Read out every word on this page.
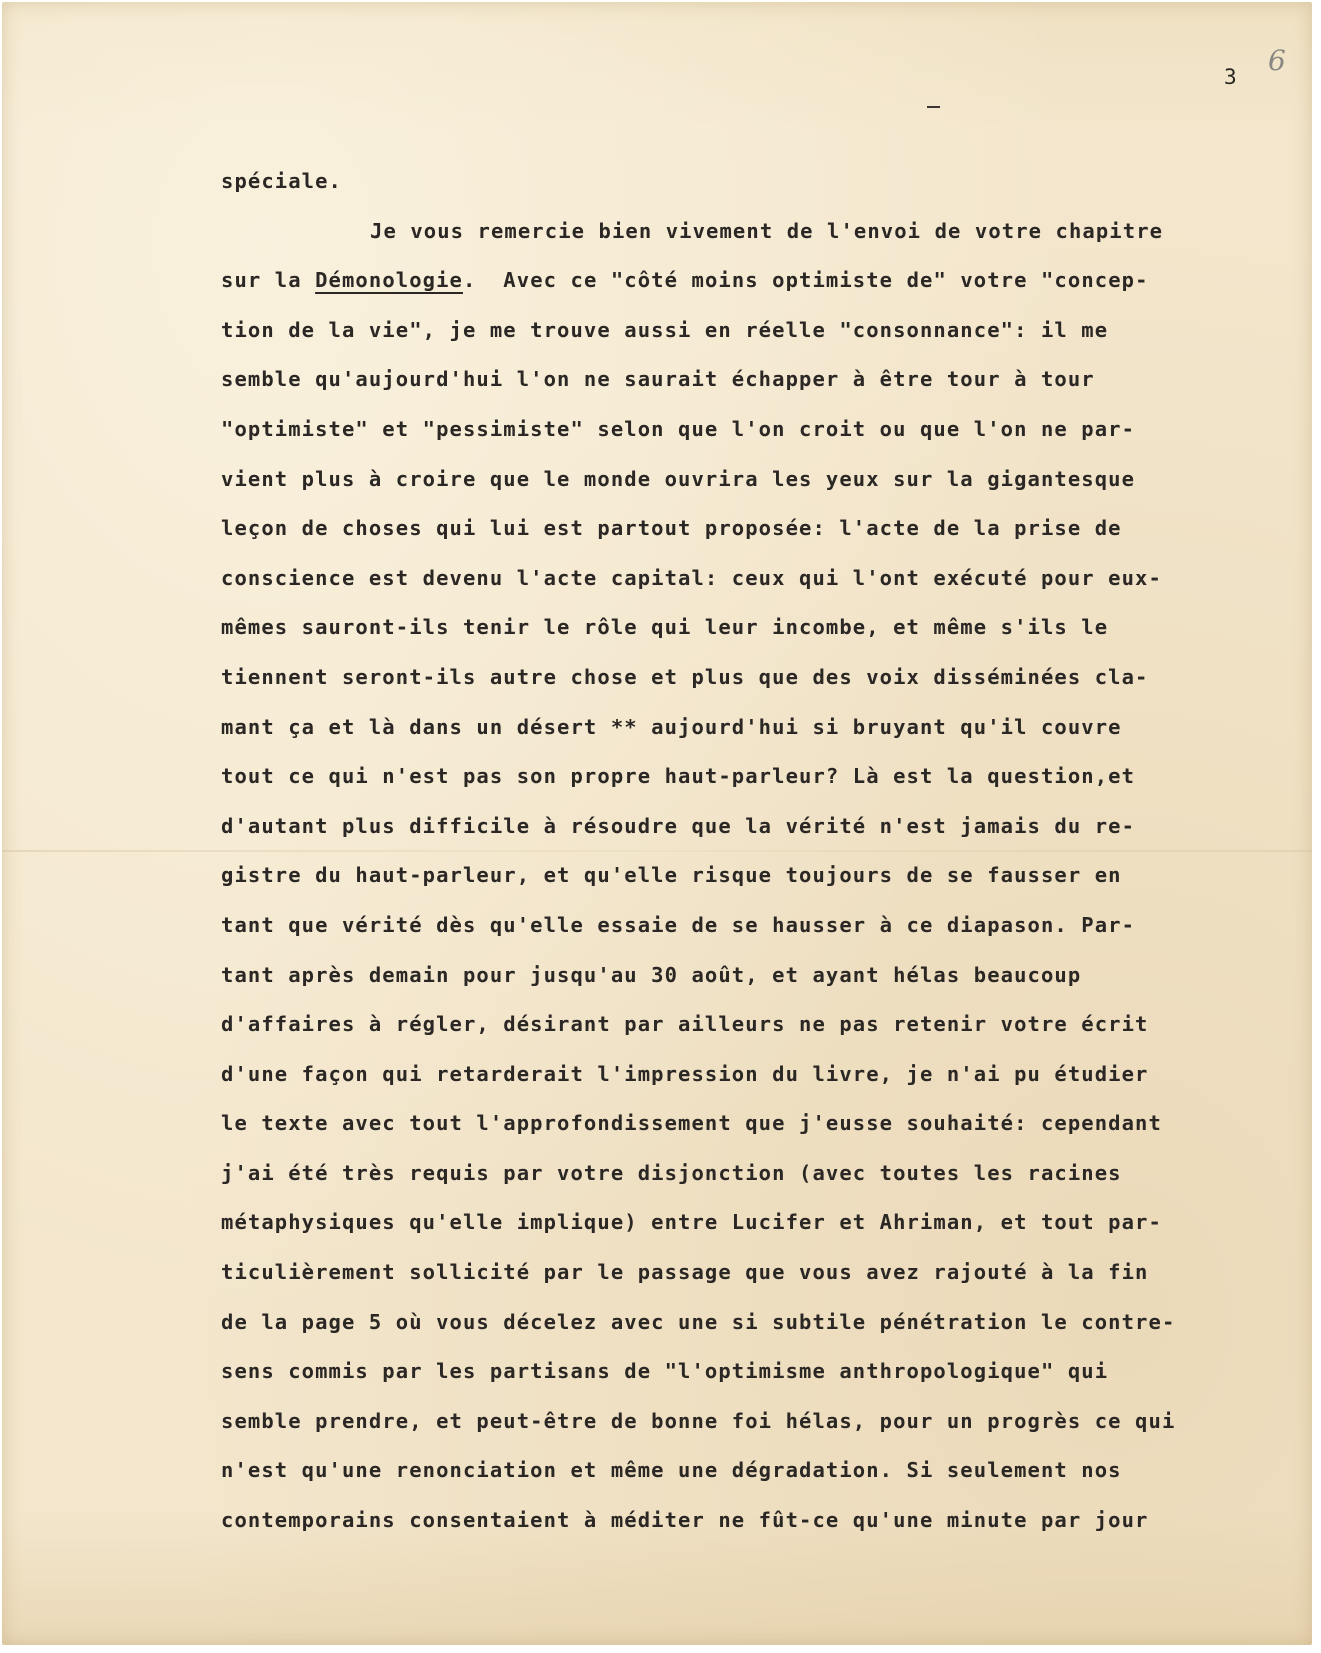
6
3
spéciale.
Je vous remercie bien vivement de l'envoi de votre chapitre
sur la Démonologie.  Avec ce "côté moins optimiste de" votre "concep-
tion de la vie", je me trouve aussi en réelle "consonnance": il me
semble qu'aujourd'hui l'on ne saurait échapper à être tour à tour
"optimiste" et "pessimiste" selon que l'on croit ou que l'on ne par-
vient plus à croire que le monde ouvrira les yeux sur la gigantesque
leçon de choses qui lui est partout proposée: l'acte de la prise de
conscience est devenu l'acte capital: ceux qui l'ont exécuté pour eux-
mêmes sauront-ils tenir le rôle qui leur incombe, et même s'ils le
tiennent seront-ils autre chose et plus que des voix disséminées cla-
mant ça et là dans un désert ** aujourd'hui si bruyant qu'il couvre
tout ce qui n'est pas son propre haut-parleur? Là est la question,et
d'autant plus difficile à résoudre que la vérité n'est jamais du re-
gistre du haut-parleur, et qu'elle risque toujours de se fausser en
tant que vérité dès qu'elle essaie de se hausser à ce diapason. Par-
tant après demain pour jusqu'au 30 août, et ayant hélas beaucoup
d'affaires à régler, désirant par ailleurs ne pas retenir votre écrit
d'une façon qui retarderait l'impression du livre, je n'ai pu étudier
le texte avec tout l'approfondissement que j'eusse souhaité: cependant
j'ai été très requis par votre disjonction (avec toutes les racines
métaphysiques qu'elle implique) entre Lucifer et Ahriman, et tout par-
ticulièrement sollicité par le passage que vous avez rajouté à la fin
de la page 5 où vous décelez avec une si subtile pénétration le contre-
sens commis par les partisans de "l'optimisme anthropologique" qui
semble prendre, et peut-être de bonne foi hélas, pour un progrès ce qui
n'est qu'une renonciation et même une dégradation. Si seulement nos
contemporains consentaient à méditer ne fût-ce qu'une minute par jour
